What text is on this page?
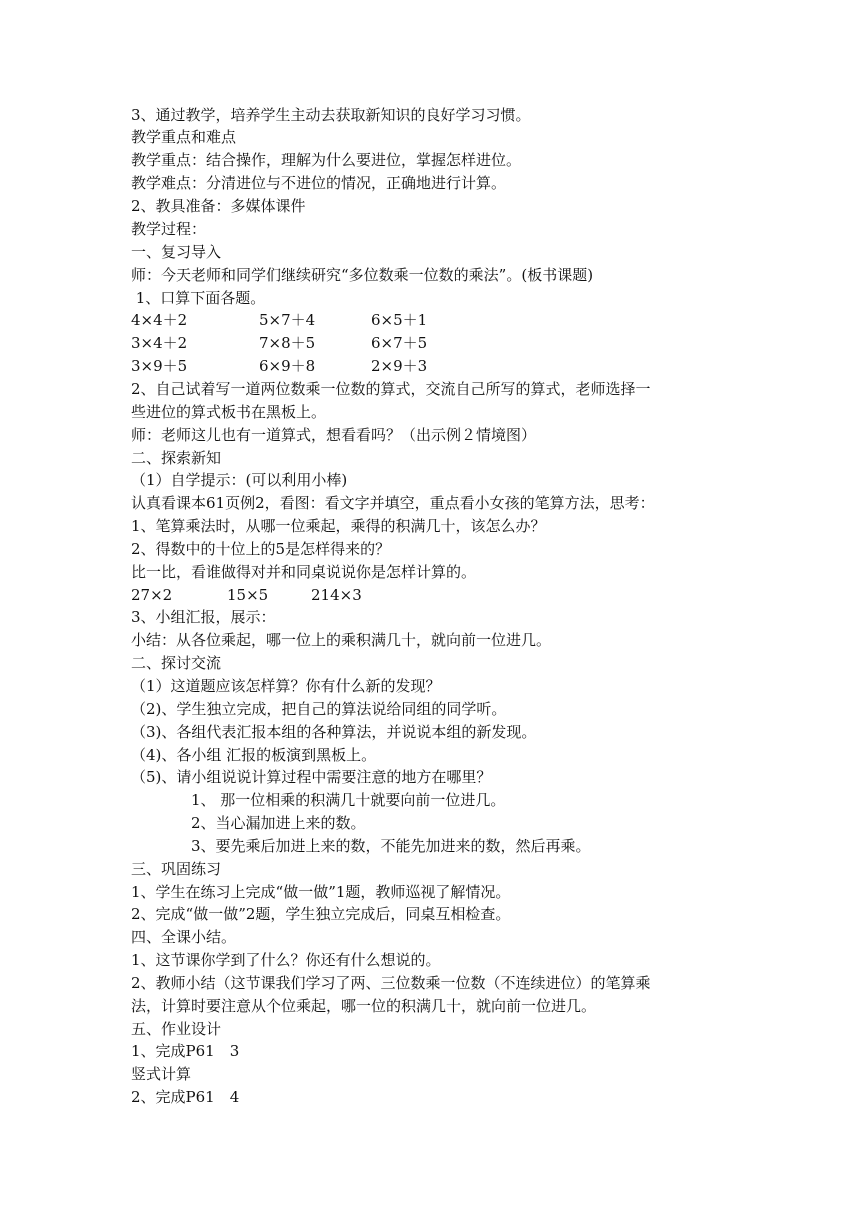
3、通过教学，培养学生主动去获取新知识的良好学习习惯。
教学重点和难点
教学重点：结合操作，理解为什么要进位，掌握怎样进位。
教学难点：分清进位与不进位的情况，正确地进行计算。
2、教具准备：多媒体课件
教学过程：
一、复习导入
师：今天老师和同学们继续研究“多位数乘一位数的乘法”。(板书课题)
1、口算下面各题。
4×4＋2	5×7＋4	6×5＋1
3×4＋2	7×8＋5	6×7＋5
3×9＋5	6×9＋8	2×9＋3
2、自己试着写一道两位数乘一位数的算式，交流自己所写的算式，老师选择一
些进位的算式板书在黑板上。
师：老师这儿也有一道算式，想看看吗？（出示例２情境图）
二、探索新知
（1）自学提示：(可以利用小棒)
认真看课本61页例2，看图：看文字并填空，重点看小女孩的笔算方法，思考：
1、笔算乘法时，从哪一位乘起，乘得的积满几十，该怎么办？
2、得数中的十位上的5是怎样得来的？
比一比，看谁做得对并和同桌说说你是怎样计算的。
27×2	15×5	214×3
3、小组汇报，展示：
小结：从各位乘起，哪一位上的乘积满几十，就向前一位进几。
二、探讨交流
（1）这道题应该怎样算？你有什么新的发现？
（2)、学生独立完成，把自己的算法说给同组的同学听。
（3)、各组代表汇报本组的各种算法，并说说本组的新发现。
（4)、各小组 汇报的板演到黑板上。
（5)、请小组说说计算过程中需要注意的地方在哪里？
1、 那一位相乘的积满几十就要向前一位进几。
2、当心漏加进上来的数。
3、要先乘后加进上来的数，不能先加进来的数，然后再乘。
三、巩固练习
1、学生在练习上完成“做一做”1题，教师巡视了解情况。
2、完成“做一做”2题，学生独立完成后，同桌互相检查。
四、全课小结。
1、这节课你学到了什么？你还有什么想说的。
2、教师小结（这节课我们学习了两、三位数乘一位数（不连续进位）的笔算乘
法，计算时要注意从个位乘起，哪一位的积满几十，就向前一位进几。
五、作业设计
1、完成P61　3
竖式计算
2、完成P61　4
